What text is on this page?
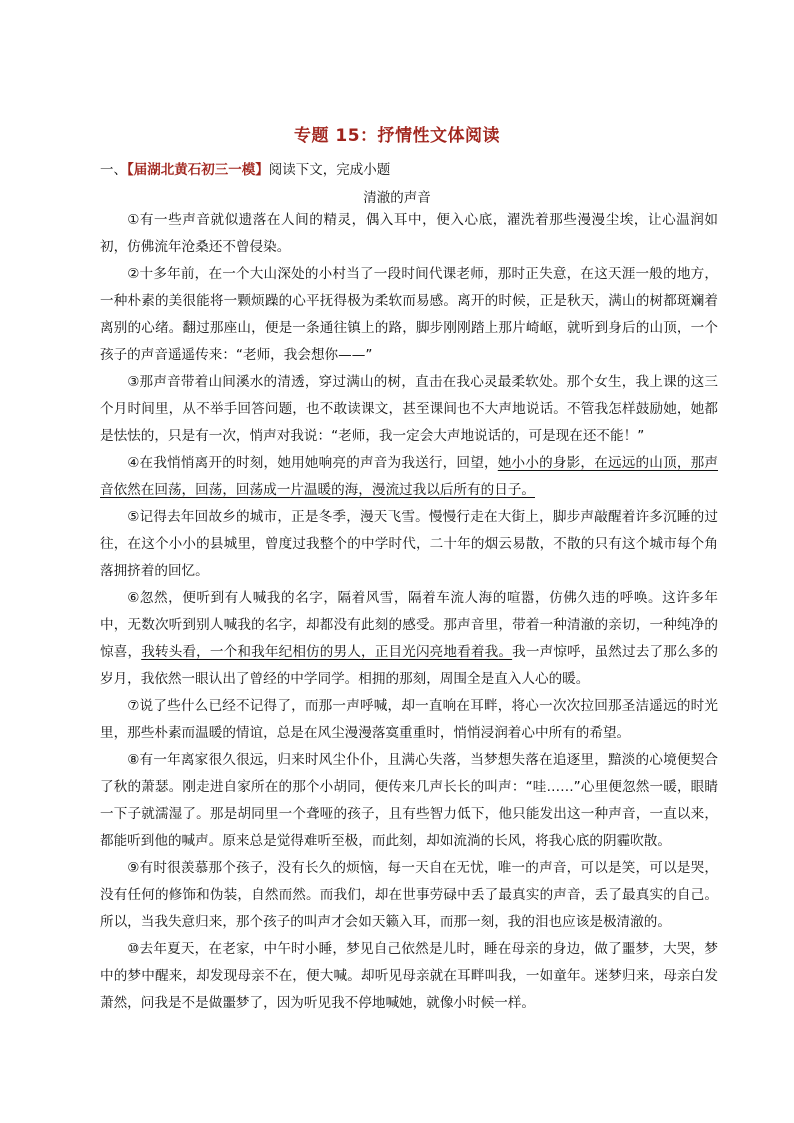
专题 15：抒情性文体阅读
一、【届湖北黄石初三一模】阅读下文，完成小题
清澈的声音

①有一些声音就似遗落在人间的精灵，偶入耳中，便入心底，濯洗着那些漫漫尘埃，让心温润如初，仿佛流年沧桑还不曾侵染。

②十多年前，在一个大山深处的小村当了一段时间代课老师，那时正失意，在这天涯一般的地方，一种朴素的美很能将一颗烦躁的心平抚得极为柔软而易感。离开的时候，正是秋天，满山的树都斑斓着离别的心绪。翻过那座山，便是一条通往镇上的路，脚步刚刚踏上那片崎岖，就听到身后的山顶，一个孩子的声音遥遥传来：“老师，我会想你——”

③那声音带着山间溪水的清透，穿过满山的树，直击在我心灵最柔软处。那个女生，我上课的这三个月时间里，从不举手回答问题，也不敢读课文，甚至课间也不大声地说话。不管我怎样鼓励她，她都是怯怯的，只是有一次，悄声对我说：“老师，我一定会大声地说话的，可是现在还不能！”

④在我悄悄离开的时刻，她用她响亮的声音为我送行，回望，她小小的身影，在远远的山顶，那声音依然在回荡，回荡，回荡成一片温暖的海，漫流过我以后所有的日子。

⑤记得去年回故乡的城市，正是冬季，漫天飞雪。慢慢行走在大街上，脚步声敲醒着许多沉睡的过往，在这个小小的县城里，曾度过我整个的中学时代，二十年的烟云易散，不散的只有这个城市每个角落拥挤着的回忆。

⑥忽然，便听到有人喊我的名字，隔着风雪，隔着车流人海的喧嚣，仿佛久违的呼唤。这许多年中，无数次听到别人喊我的名字，却都没有此刻的感受。那声音里，带着一种清澈的亲切，一种纯净的惊喜，我转头看，一个和我年纪相仿的男人，正目光闪亮地看着我。我一声惊呼，虽然过去了那么多的岁月，我依然一眼认出了曾经的中学同学。相拥的那刻，周围全是直入人心的暖。

⑦说了些什么已经不记得了，而那一声呼喊，却一直响在耳畔，将心一次次拉回那圣洁遥远的时光里，那些朴素而温暖的情谊，总是在风尘漫漫落寞重重时，悄悄浸润着心中所有的希望。

⑧有一年离家很久很远，归来时风尘仆仆，且满心失落，当梦想失落在追逐里，黯淡的心境便契合了秋的萧瑟。刚走进自家所在的那个小胡同，便传来几声长长的叫声：“哇……”心里便忽然一暖，眼睛一下子就濡湿了。那是胡同里一个聋哑的孩子，且有些智力低下，他只能发出这一种声音，一直以来，都能听到他的喊声。原来总是觉得难听至极，而此刻，却如流淌的长风，将我心底的阴霾吹散。

⑨有时很羡慕那个孩子，没有长久的烦恼，每一天自在无忧，唯一的声音，可以是笑，可以是哭，没有任何的修饰和伪装，自然而然。而我们，却在世事劳碌中丢了最真实的声音，丢了最真实的自己。所以，当我失意归来，那个孩子的叫声才会如天籁入耳，而那一刻，我的泪也应该是极清澈的。

⑩去年夏天，在老家，中午时小睡，梦见自己依然是儿时，睡在母亲的身边，做了噩梦，大哭，梦中的梦中醒来，却发现母亲不在，便大喊。却听见母亲就在耳畔叫我，一如童年。迷梦归来，母亲白发萧然，问我是不是做噩梦了，因为听见我不停地喊她，就像小时候一样。
